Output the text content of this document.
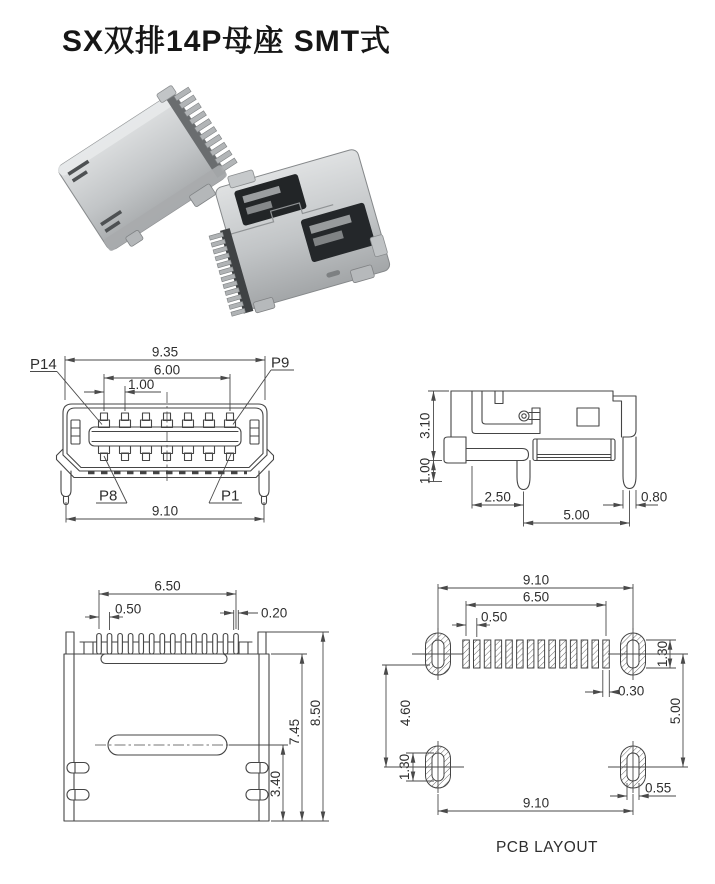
SX双排14P母座 SMT式
9.35
6.00
1.00
9.10
P14	P9
P8	P1
3.10
1.00
2.50
5.00
0.80
6.50
0.50	0.20
3.40
7.45
8.50
9.10
6.50
0.50
1.30
0.30
5.00
4.60
1.30
9.10
0.55
PCB LAYOUT
